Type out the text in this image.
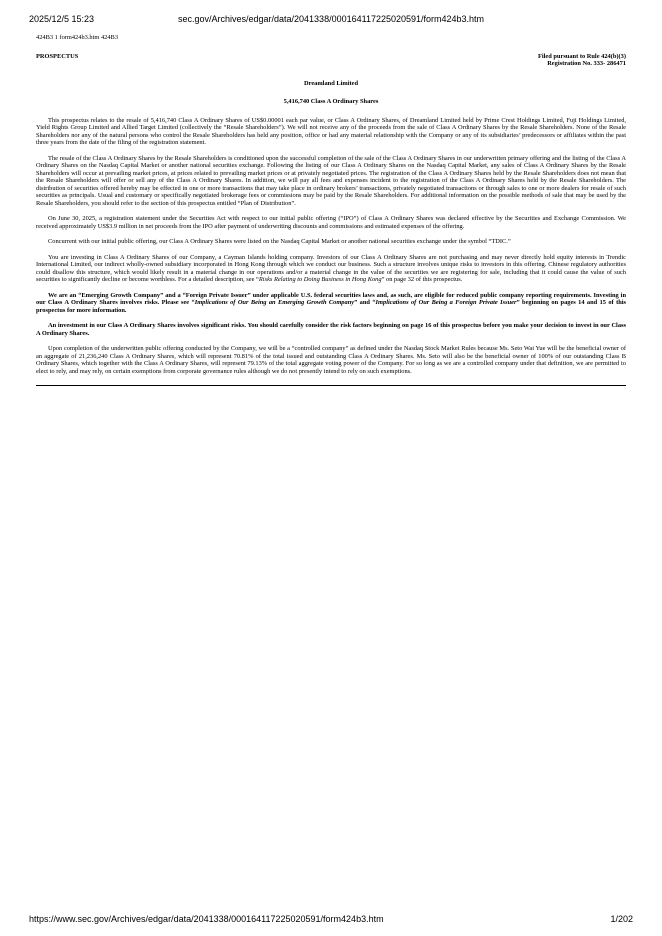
2025/12/5 15:23	sec.gov/Archives/edgar/data/2041338/000164117225020591/form424b3.htm
424B3 1 form424b3.htm 424B3
PROSPECTUS	Filed pursuant to Rule 424(b)(3)
Registration No. 333- 286471
Dreamland Limited
5,416,740 Class A Ordinary Shares

This prospectus relates to the resale of 5,416,740 Class A Ordinary Shares of US$0.00001 each par value, or Class A Ordinary Shares, of Dreamland Limited held by Prime Crest Holdings Limited, Fuji Holdings Limited, Yield Rights Group Limited and Allied Target Limited (collectively the “Resale Shareholders”). We will not receive any of the proceeds from the sale of Class A Ordinary Shares by the Resale Shareholders. None of the Resale Shareholders nor any of the natural persons who control the Resale Shareholders has held any position, office or had any material relationship with the Company or any of its subsidiaries’ predecessors or affiliates within the past three years from the date of the filing of the registration statement.

The resale of the Class A Ordinary Shares by the Resale Shareholders is conditioned upon the successful completion of the sale of the Class A Ordinary Shares in our underwritten primary offering and the listing of the Class A Ordinary Shares on the Nasdaq Capital Market or another national securities exchange. Following the listing of our Class A Ordinary Shares on the Nasdaq Capital Market, any sales of Class A Ordinary Shares by the Resale Shareholders will occur at prevailing market prices, at prices related to prevailing market prices or at privately negotiated prices. The registration of the Class A Ordinary Shares held by the Resale Shareholders does not mean that the Resale Shareholders will offer or sell any of the Class A Ordinary Shares. In addition, we will pay all fees and expenses incident to the registration of the Class A Ordinary Shares held by the Resale Shareholders. The distribution of securities offered hereby may be effected in one or more transactions that may take place in ordinary brokers’ transactions, privately negotiated transactions or through sales to one or more dealers for resale of such securities as principals. Usual and customary or specifically negotiated brokerage fees or commissions may be paid by the Resale Shareholders. For additional information on the possible methods of sale that may be used by the Resale Shareholders, you should refer to the section of this prospectus entitled “Plan of Distribution”.

On June 30, 2025, a registration statement under the Securities Act with respect to our initial public offering (“IPO”) of Class A Ordinary Shares was declared effective by the Securities and Exchange Commission. We received approximately US$3.9 million in net proceeds from the IPO after payment of underwriting discounts and commissions and estimated expenses of the offering.

Concurrent with our initial public offering, our Class A Ordinary Shares were listed on the Nasdaq Capital Market or another national securities exchange under the symbol “TDIC.”

You are investing in Class A Ordinary Shares of our Company, a Cayman Islands holding company. Investors of our Class A Ordinary Shares are not purchasing and may never directly hold equity interests in Trendic International Limited, our indirect wholly-owned subsidiary incorporated in Hong Kong through which we conduct our business. Such a structure involves unique risks to investors in this offering. Chinese regulatory authorities could disallow this structure, which would likely result in a material change in our operations and/or a material change in the value of the securities we are registering for sale, including that it could cause the value of such securities to significantly decline or become worthless. For a detailed description, see “Risks Relating to Doing Business in Hong Kong” on page 32 of this prospectus.

We are an “Emerging Growth Company” and a “Foreign Private Issuer” under applicable U.S. federal securities laws and, as such, are eligible for reduced public company reporting requirements. Investing in our Class A Ordinary Shares involves risks. Please see “Implications of Our Being an Emerging Growth Company” and “Implications of Our Being a Foreign Private Issuer” beginning on pages 14 and 15 of this prospectus for more information.

An investment in our Class A Ordinary Shares involves significant risks. You should carefully consider the risk factors beginning on page 16 of this prospectus before you make your decision to invest in our Class A Ordinary Shares.

Upon completion of the underwritten public offering conducted by the Company, we will be a “controlled company” as defined under the Nasdaq Stock Market Rules because Ms. Seto Wai Yue will be the beneficial owner of an aggregate of 21,236,240 Class A Ordinary Shares, which will represent 70.81% of the total issued and outstanding Class A Ordinary Shares. Ms. Seto will also be the beneficial owner of 100% of our outstanding Class B Ordinary Shares, which together with the Class A Ordinary Shares, will represent 79.13% of the total aggregate voting power of the Company. For so long as we are a controlled company under that definition, we are permitted to elect to rely, and may rely, on certain exemptions from corporate governance rules although we do not presently intend to rely on such exemptions.

https://www.sec.gov/Archives/edgar/data/2041338/000164117225020591/form424b3.htm	1/202
